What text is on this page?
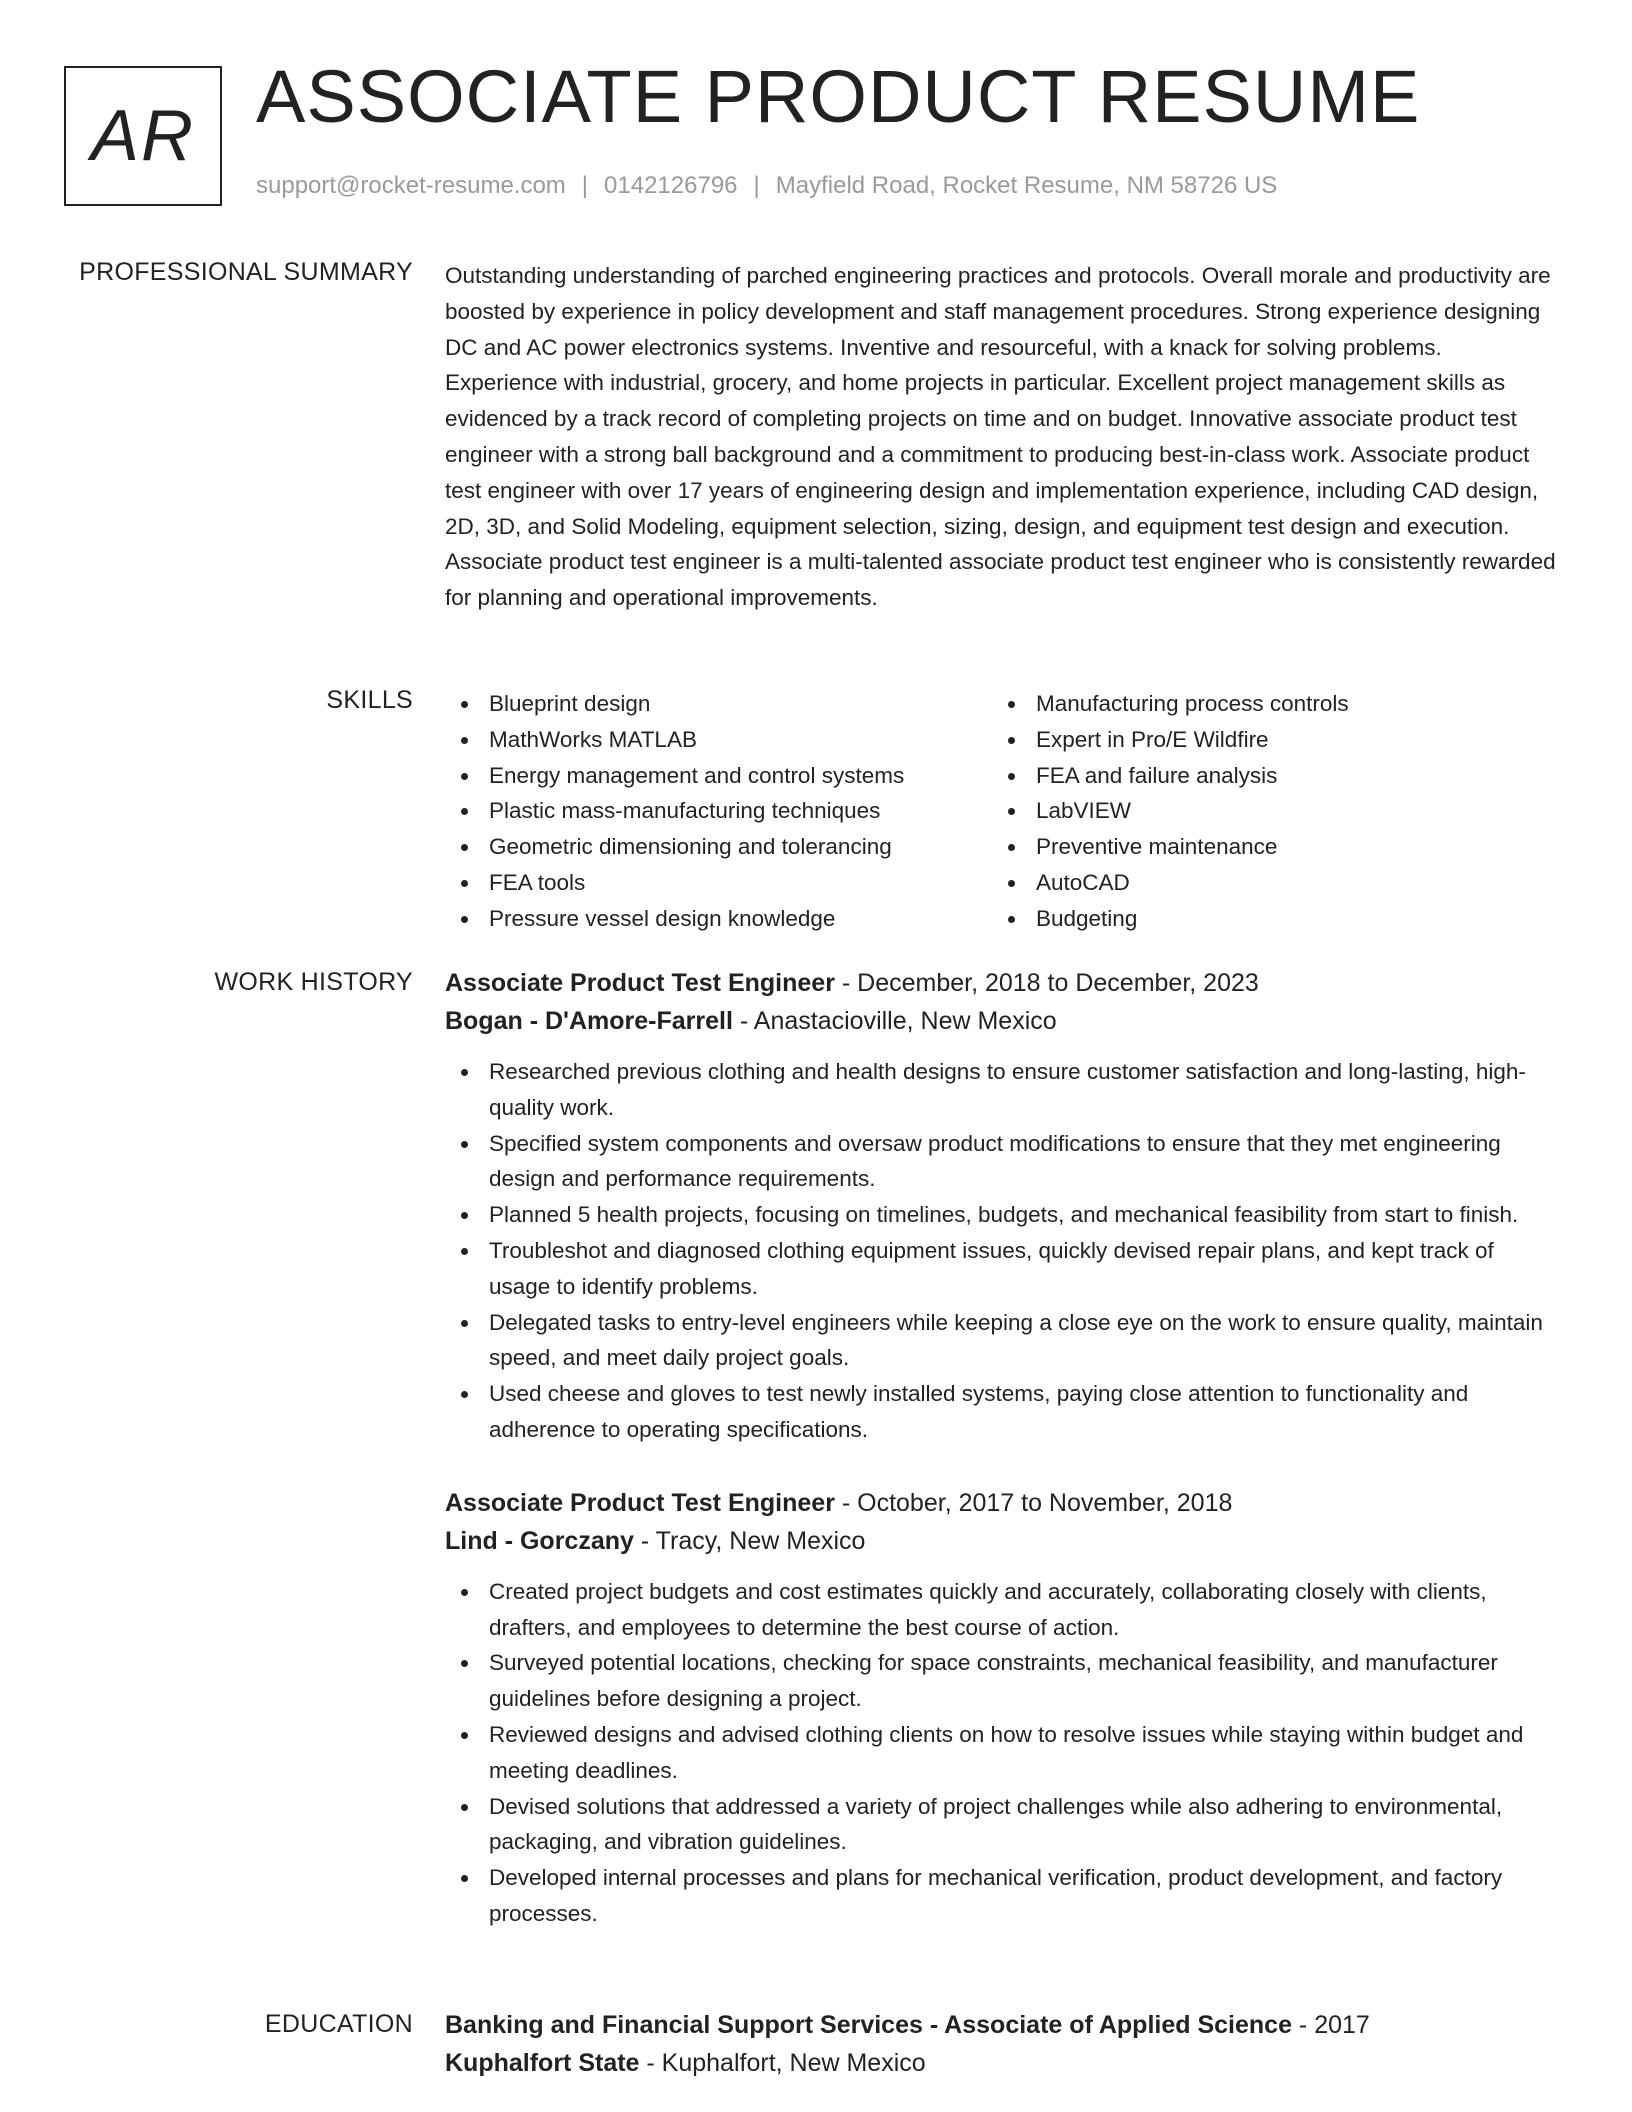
AR ASSOCIATE PRODUCT RESUME
support@rocket-resume.com | 0142126796 | Mayfield Road, Rocket Resume, NM 58726 US
PROFESSIONAL SUMMARY Outstanding understanding of parched engineering practices and protocols. Overall morale and productivity are boosted by experience in policy development and staff management procedures. Strong experience designing DC and AC power electronics systems. Inventive and resourceful, with a knack for solving problems. Experience with industrial, grocery, and home projects in particular. Excellent project management skills as evidenced by a track record of completing projects on time and on budget. Innovative associate product test engineer with a strong ball background and a commitment to producing best-in-class work. Associate product test engineer with over 17 years of engineering design and implementation experience, including CAD design, 2D, 3D, and Solid Modeling, equipment selection, sizing, design, and equipment test design and execution. Associate product test engineer is a multi-talented associate product test engineer who is consistently rewarded for planning and operational improvements.

SKILLS	Blueprint design
MathWorks MATLAB
Energy management and control systems
Plastic mass-manufacturing techniques
Geometric dimensioning and tolerancing
FEA tools
Pressure vessel design knowledge
Manufacturing process controls
Expert in Pro/E Wildfire
FEA and failure analysis
LabVIEW
Preventive maintenance
AutoCAD
Budgeting
WORK HISTORY Associate Product Test Engineer - December, 2018 to December, 2023
Bogan - D'Amore-Farrell - Anastacioville, New Mexico
Researched previous clothing and health designs to ensure customer satisfaction and long-lasting, high-quality work.
Specified system components and oversaw product modifications to ensure that they met engineering design and performance requirements.
Planned 5 health projects, focusing on timelines, budgets, and mechanical feasibility from start to finish.
Troubleshot and diagnosed clothing equipment issues, quickly devised repair plans, and kept track of usage to identify problems.
Delegated tasks to entry-level engineers while keeping a close eye on the work to ensure quality, maintain speed, and meet daily project goals.
Used cheese and gloves to test newly installed systems, paying close attention to functionality and adherence to operating specifications.
Associate Product Test Engineer - October, 2017 to November, 2018
Lind - Gorczany - Tracy, New Mexico
Created project budgets and cost estimates quickly and accurately, collaborating closely with clients, drafters, and employees to determine the best course of action.
Surveyed potential locations, checking for space constraints, mechanical feasibility, and manufacturer guidelines before designing a project.
Reviewed designs and advised clothing clients on how to resolve issues while staying within budget and meeting deadlines.
Devised solutions that addressed a variety of project challenges while also adhering to environmental, packaging, and vibration guidelines.
Developed internal processes and plans for mechanical verification, product development, and factory processes.
EDUCATION Banking and Financial Support Services - Associate of Applied Science - 2017
Kuphalfort State - Kuphalfort, New Mexico
